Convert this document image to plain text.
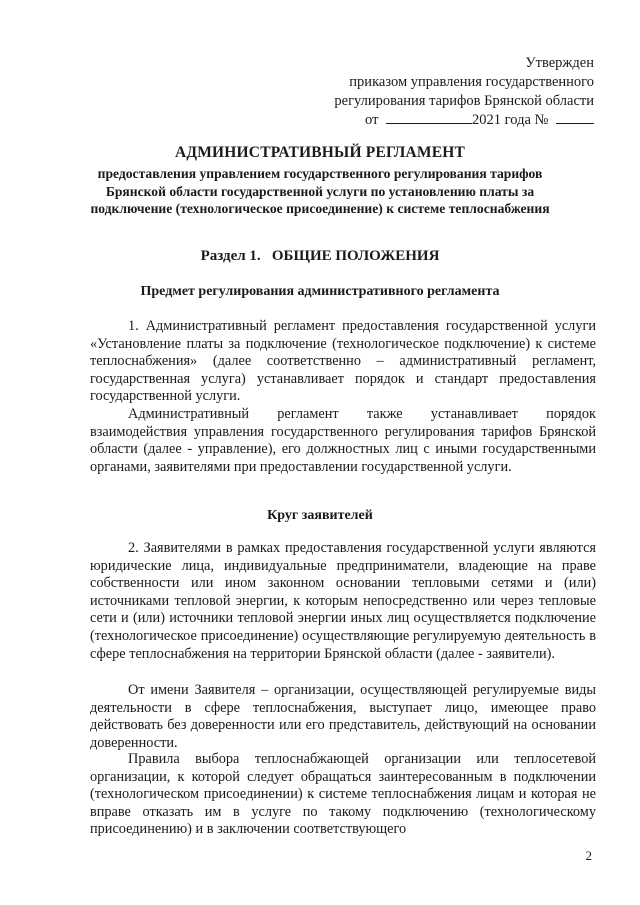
Утвержден
приказом управления государственного
регулирования тарифов Брянской области
от	2021 года №
АДМИНИСТРАТИВНЫЙ РЕГЛАМЕНТ
предоставления управлением государственного регулирования тарифов Брянской области государственной услуги по установлению платы за подключение (технологическое присоединение) к системе теплоснабжения
Раздел 1.   ОБЩИЕ ПОЛОЖЕНИЯ
Предмет регулирования административного регламента
1. Административный регламент предоставления государственной услуги «Установление платы за подключение (технологическое подключение) к системе теплоснабжения» (далее соответственно – административный регламент, государственная услуга) устанавливает порядок и стандарт предоставления государственной услуги.
Административный регламент также устанавливает порядок взаимодействия управления государственного регулирования тарифов Брянской области (далее - управление), его должностных лиц с иными государственными органами, заявителями при предоставлении государственной услуги.
Круг заявителей
2. Заявителями в рамках предоставления государственной услуги являются юридические лица, индивидуальные предприниматели, владеющие на праве собственности или ином законном основании тепловыми сетями и (или) источниками тепловой энергии, к которым непосредственно или через тепловые сети и (или) источники тепловой энергии иных лиц осуществляется подключение (технологическое присоединение) осуществляющие регулируемую деятельность в сфере теплоснабжения на территории Брянской области (далее - заявители).
От имени Заявителя – организации, осуществляющей регулируемые виды деятельности в сфере теплоснабжения, выступает лицо, имеющее право действовать без доверенности или его представитель, действующий на основании доверенности.
Правила выбора теплоснабжающей организации или теплосетевой организации, к которой следует обращаться заинтересованным в подключении (технологическом присоединении) к системе теплоснабжения лицам и которая не вправе отказать им в услуге по такому подключению (технологическому присоединению) и в заключении соответствующего
2
